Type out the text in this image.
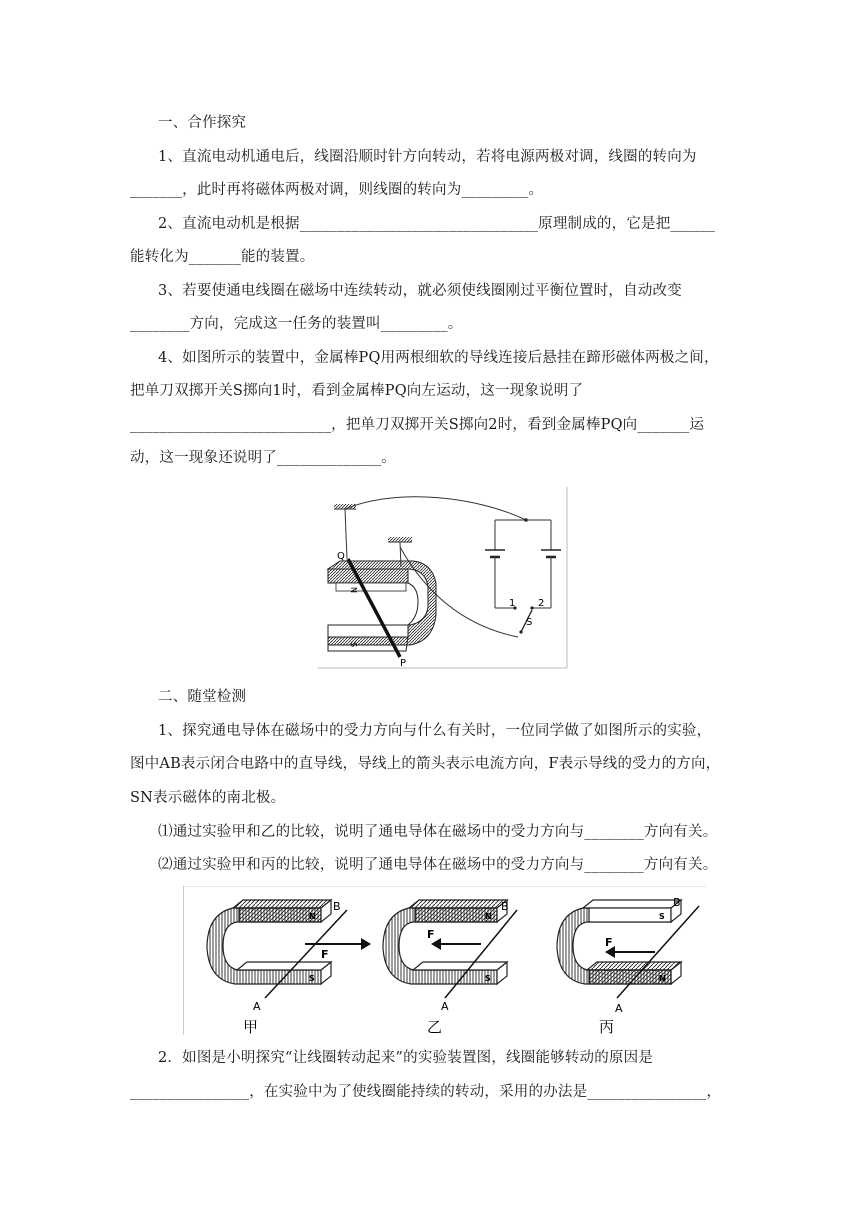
一、合作探究
1、直流电动机通电后，线圈沿顺时针方向转动，若将电源两极对调，线圈的转向为
_______，此时再将磁体两极对调，则线圈的转向为_________。
2、直流电动机是根据________________________________原理制成的，它是把______
能转化为_______能的装置。
3、若要使通电线圈在磁场中连续转动，就必须使线圈刚过平衡位置时，自动改变
________方向，完成这一任务的装置叫_________。
4、如图所示的装置中，金属棒PQ用两根细软的导线连接后悬挂在蹄形磁体两极之间，
把单刀双掷开关S掷向1时，看到金属棒PQ向左运动，这一现象说明了
___________________________，把单刀双掷开关S掷向2时，看到金属棒PQ向_______运
动，这一现象还说明了______________。
1 2
S
N
S
Q
P
二、随堂检测
1、探究通电导体在磁场中的受力方向与什么有关时，一位同学做了如图所示的实验，
图中AB表示闭合电路中的直导线，导线上的箭头表示电流方向，F表示导线的受力的方向，
SN表示磁体的南北极。
⑴通过实验甲和乙的比较，说明了通电导体在磁场中的受力方向与________方向有关。
⑵通过实验甲和丙的比较，说明了通电导体在磁场中的受力方向与________方向有关。
N
S
F
B
A
甲
N
S
F
B
A
乙
S
N
F
B
A
丙
2．如图是小明探究“让线圈转动起来”的实验装置图，线圈能够转动的原因是
________________，在实验中为了使线圈能持续的转动，采用的办法是________________，
